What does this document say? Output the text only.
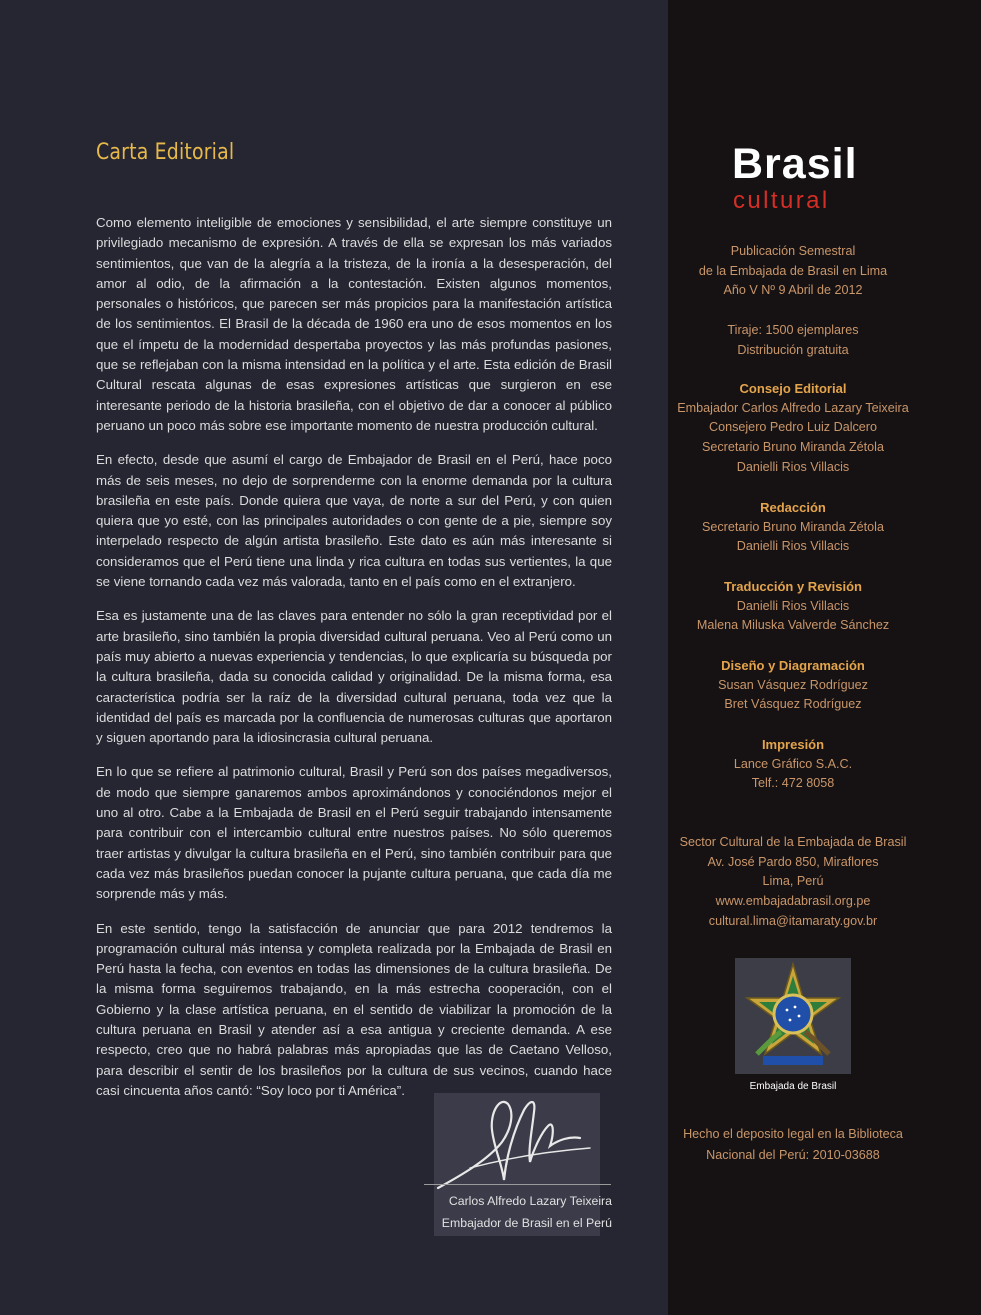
Carta Editorial

Como elemento inteligible de emociones y sensibilidad, el arte siempre constituye un privilegiado mecanismo de expresión. A través de ella se expresan los más variados sentimientos, que van de la alegría a la tristeza, de la ironía a la desesperación, del amor al odio, de la afirmación a la contestación. Existen algunos momentos, personales o históricos, que parecen ser más propicios para la manifestación artística de los sentimientos. El Brasil de la década de 1960 era uno de esos momentos en los que el ímpetu de la modernidad despertaba proyectos y las más profundas pasiones, que se reflejaban con la misma intensidad en la política y el arte. Esta edición de Brasil Cultural rescata algunas de esas expresiones artísticas que surgieron en ese interesante periodo de la historia brasileña, con el objetivo de dar a conocer al público peruano un poco más sobre ese importante momento de nuestra producción cultural.

En efecto, desde que asumí el cargo de Embajador de Brasil en el Perú, hace poco más de seis meses, no dejo de sorprenderme con la enorme demanda por la cultura brasileña en este país. Donde quiera que vaya, de norte a sur del Perú, y con quien quiera que yo esté, con las principales autoridades o con gente de a pie, siempre soy interpelado respecto de algún artista brasileño. Este dato es aún más interesante si consideramos que el Perú tiene una linda y rica cultura en todas sus vertientes, la que se viene tornando cada vez más valorada, tanto en el país como en el extranjero.

Esa es justamente una de las claves para entender no sólo la gran receptividad por el arte brasileño, sino también la propia diversidad cultural peruana. Veo al Perú como un país muy abierto a nuevas experiencia y tendencias, lo que explicaría su búsqueda por la cultura brasileña, dada su conocida calidad y originalidad. De la misma forma, esa característica podría ser la raíz de la diversidad cultural peruana, toda vez que la identidad del país es marcada por la confluencia de numerosas culturas que aportaron y siguen aportando para la idiosincrasia cultural peruana.

En lo que se refiere al patrimonio cultural, Brasil y Perú son dos países megadiversos, de modo que siempre ganaremos ambos aproximándonos y conociéndonos mejor el uno al otro. Cabe a la Embajada de Brasil en el Perú seguir trabajando intensamente para contribuir con el intercambio cultural entre nuestros países. No sólo queremos traer artistas y divulgar la cultura brasileña en el Perú, sino también contribuir para que cada vez más brasileños puedan conocer la pujante cultura peruana, que cada día me sorprende más y más.

En este sentido, tengo la satisfacción de anunciar que para 2012 tendremos la programación cultural más intensa y completa realizada por la Embajada de Brasil en Perú hasta la fecha, con eventos en todas las dimensiones de la cultura brasileña. De la misma forma seguiremos trabajando, en la más estrecha cooperación, con el Gobierno y la clase artística peruana, en el sentido de viabilizar la promoción de la cultura peruana en Brasil y atender así a esa antigua y creciente demanda. A ese respecto, creo que no habrá palabras más apropiadas que las de Caetano Velloso, para describir el sentir de los brasileños por la cultura de sus vecinos, cuando hace casi cincuenta años cantó: “Soy loco por ti América”.

Carlos Alfredo Lazary Teixeira
Embajador de Brasil en el Perú
Brasil
cultural
Publicación Semestral
de la Embajada de Brasil en Lima
Año V Nº 9 Abril de 2012
Tiraje: 1500 ejemplares
Distribución gratuita
Consejo Editorial
Embajador Carlos Alfredo Lazary Teixeira
Consejero Pedro Luiz Dalcero
Secretario Bruno Miranda Zétola
Danielli Rios Villacis
Redacción
Secretario Bruno Miranda Zétola
Danielli Rios Villacis
Traducción y Revisión
Danielli Rios Villacis
Malena Miluska Valverde Sánchez
Diseño y Diagramación
Susan Vásquez Rodríguez
Bret Vásquez Rodríguez
Impresión
Lance Gráfico S.A.C.
Telf.: 472 8058
Sector Cultural de la Embajada de Brasil
Av. José Pardo 850, Miraflores
Lima, Perú
www.embajadabrasil.org.pe
cultural.lima@itamaraty.gov.br
Embajada de Brasil
Hecho el deposito legal en la Biblioteca
Nacional del Perú: 2010-03688
